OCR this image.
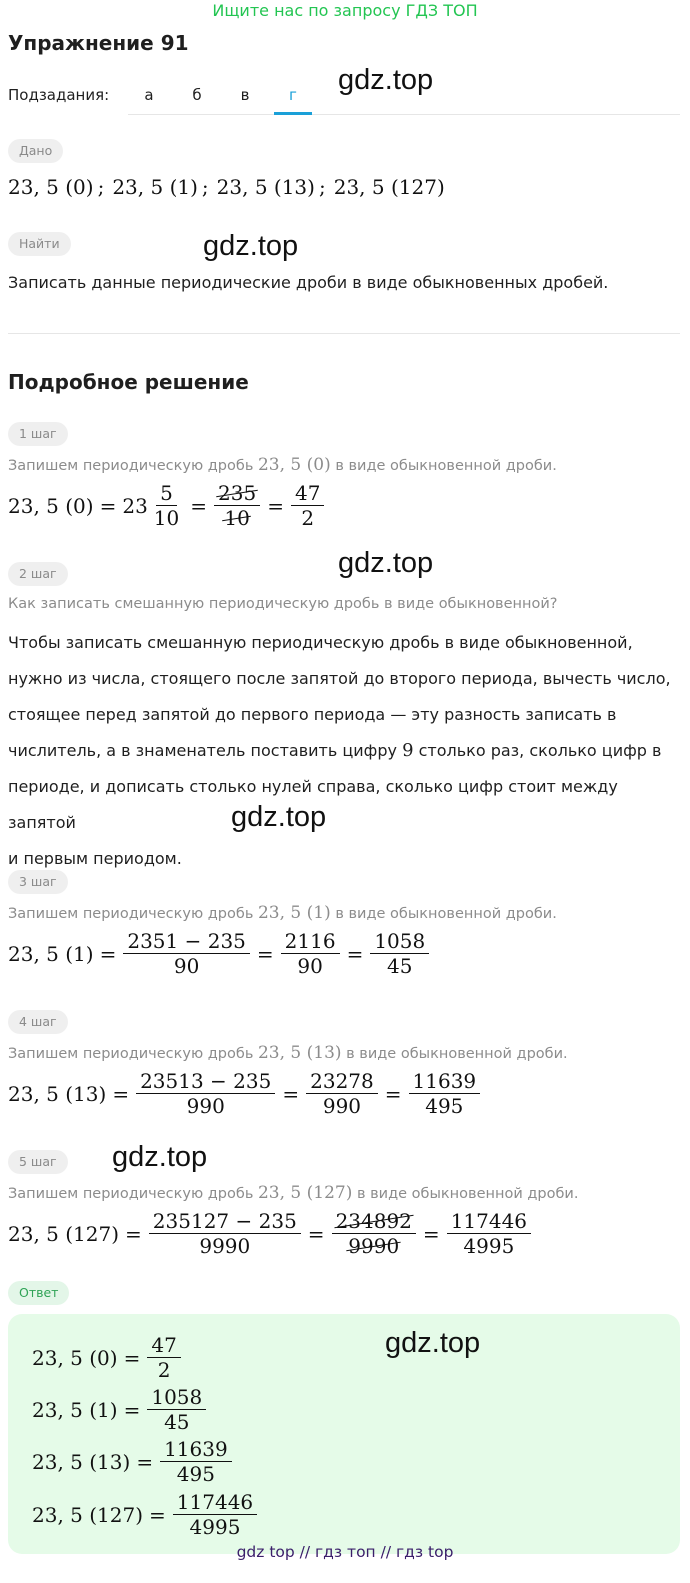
Ищите нас по запросу ГДЗ ТОП
Упражнение 91
Подзадания:	а	б	в	г	gdz.top
gdz.top
gdz.top
gdz.top
gdz.top
Дано
23, 5 (0) ; 23, 5 (1) ; 23, 5 (13) ; 23, 5 (127)
Найти
Записать данные периодические дроби в виде обыкновенных дробей.
Подробное решение
1 шаг
Запишем периодическую дробь 23, 5 (0) в виде обыкновенной дроби.
23, 5 $(0) = 23 \frac{5}{10} = \frac{235}{10} = \frac{47}{2}$
2 шаг
Как записать смешанную периодическую дробь в виде обыкновенной?
Чтобы записать смешанную периодическую дробь в виде обыкновенной,
нужно из числа, стоящего после запятой до второго периода, вычесть число,
стоящее перед запятой до первого периода — эту разность записать в
числитель, а в знаменатель поставить цифру 9 столько раз, сколько цифр в
периоде, и дописать столько нулей справа, сколько цифр стоит между запятой
и первым периодом.
3 шаг
Запишем периодическую дробь 23, 5 (1) в виде обыкновенной дроби.
23, 5 $(1) = \frac{2351 - 235}{90} = \frac{2116}{90} = \frac{1058}{45}$
4 шаг
Запишем периодическую дробь 23, 5 (13) в виде обыкновенной дроби.
23, 5 $(13) = \frac{23513 - 235}{990} = \frac{23278}{990} = \frac{11639}{495}$
5 шаг
Запишем периодическую дробь 23, 5 (127) в виде обыкновенной дроби.
23, 5 $(127) = \frac{235127 - 235}{9990} = \frac{234892}{9990} = \frac{117446}{4995}$
Ответ
gdz.top
23, 5 $(0) = \frac{47}{2}$
23, 5 $(1) = \frac{1058}{45}$
23, 5 $(13) = \frac{11639}{495}$
23, 5 $(127) = \frac{117446}{4995}$
gdz top // гдз топ // гдз top
